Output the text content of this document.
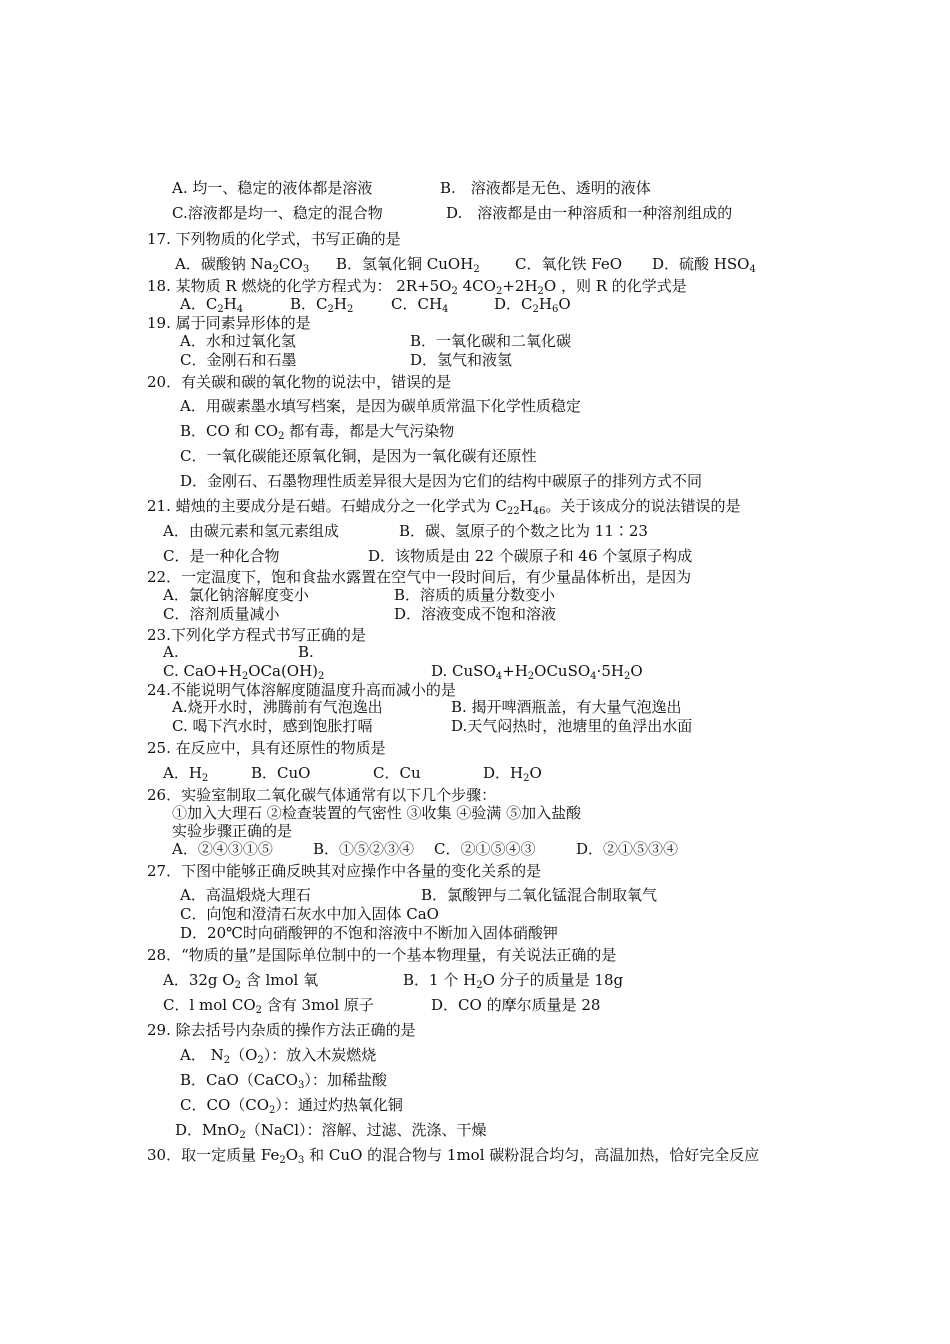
A. 均一、稳定的液体都是溶液	B.　溶液都是无色、透明的液体
C.溶液都是均一、稳定的混合物	D.　溶液都是由一种溶质和一种溶剂组成的
17. 下列物质的化学式，书写正确的是
A．碳酸钠 $Na_2CO_3$ B．氢氧化铜 CuOH$_2$ C．氧化铁 FeO D．硫酸 $HSO_4$
18. 某物质 R 燃烧的化学方程式为： $2R+5O_2$ $4CO_2+2H_2O$ ，则 R 的化学式是
A．$C_2H_4$	B．$C_2H_2$	C．$CH_4$	D．$C_2H_6O$
19. 属于同素异形体的是
A．水和过氧化氢	B．一氧化碳和二氧化碳
C．金刚石和石墨	D．氢气和液氢
20．有关碳和碳的氧化物的说法中，错误的是
A．用碳素墨水填写档案，是因为碳单质常温下化学性质稳定
B．CO 和 $CO_2$ 都有毒，都是大气污染物
C．一氧化碳能还原氧化铜，是因为一氧化碳有还原性
D．金刚石、石墨物理性质差异很大是因为它们的结构中碳原子的排列方式不同
21. 蜡烛的主要成分是石蜡。石蜡成分之一化学式为 $C_{22}H_{46}$。关于该成分的说法错误的是
A．由碳元素和氢元素组成	B．碳、氢原子的个数之比为 11∶23
C．是一种化合物	D．该物质是由 22 个碳原子和 46 个氢原子构成
22．一定温度下，饱和食盐水露置在空气中一段时间后，有少量晶体析出，是因为
A．氯化钠溶解度变小	B．溶质的质量分数变小
C．溶剂质量减小	D．溶液变成不饱和溶液
23.下列化学方程式书写正确的是
A.	B.
C. $CaO+H_2OCa(OH)_2$	D. $CuSO_4+H_2OCuSO_4\cdot 5H_2O$
24.不能说明气体溶解度随温度升高而减小的是
A.烧开水时，沸腾前有气泡逸出	B. 揭开啤酒瓶盖，有大量气泡逸出
C. 喝下汽水时，感到饱胀打嗝	D.天气闷热时，池塘里的鱼浮出水面
25. 在反应中，具有还原性的物质是
A．$H_2$	B．CuO	C．Cu	D．$H_2O$
26．实验室制取二氧化碳气体通常有以下几个步骤：
①加入大理石 ②检查装置的气密性 ③收集 ④验满 ⑤加入盐酸
实验步骤正确的是
A．②④③①⑤	B．①⑤②③④ C．②①⑤④③	D．②①⑤③④
27．下图中能够正确反映其对应操作中各量的变化关系的是
A．高温煅烧大理石	B．氯酸钾与二氧化锰混合制取氧气
C．向饱和澄清石灰水中加入固体 CaO
D．20℃时向硝酸钾的不饱和溶液中不断加入固体硝酸钾
28．“物质的量”是国际单位制中的一个基本物理量，有关说法正确的是
A．32g $O_2$ 含 lmol 氧	B．1 个 $H_2O$ 分子的质量是 18g
C．l mol $CO_2$ 含有 3mol 原子	D．CO 的摩尔质量是 28
29. 除去括号内杂质的操作方法正确的是
A． $N_2(O_2)$：放入木炭燃烧
B．CaO（CaCO$_3$）：加稀盐酸
C．$CO(CO_2)$：通过灼热氧化铜
D．MnO$_2$（NaCl）：溶解、过滤、洗涤、干燥
30．取一定质量 $Fe_2O_3$ 和 CuO 的混合物与 1mol 碳粉混合均匀，高温加热，恰好完全反应
